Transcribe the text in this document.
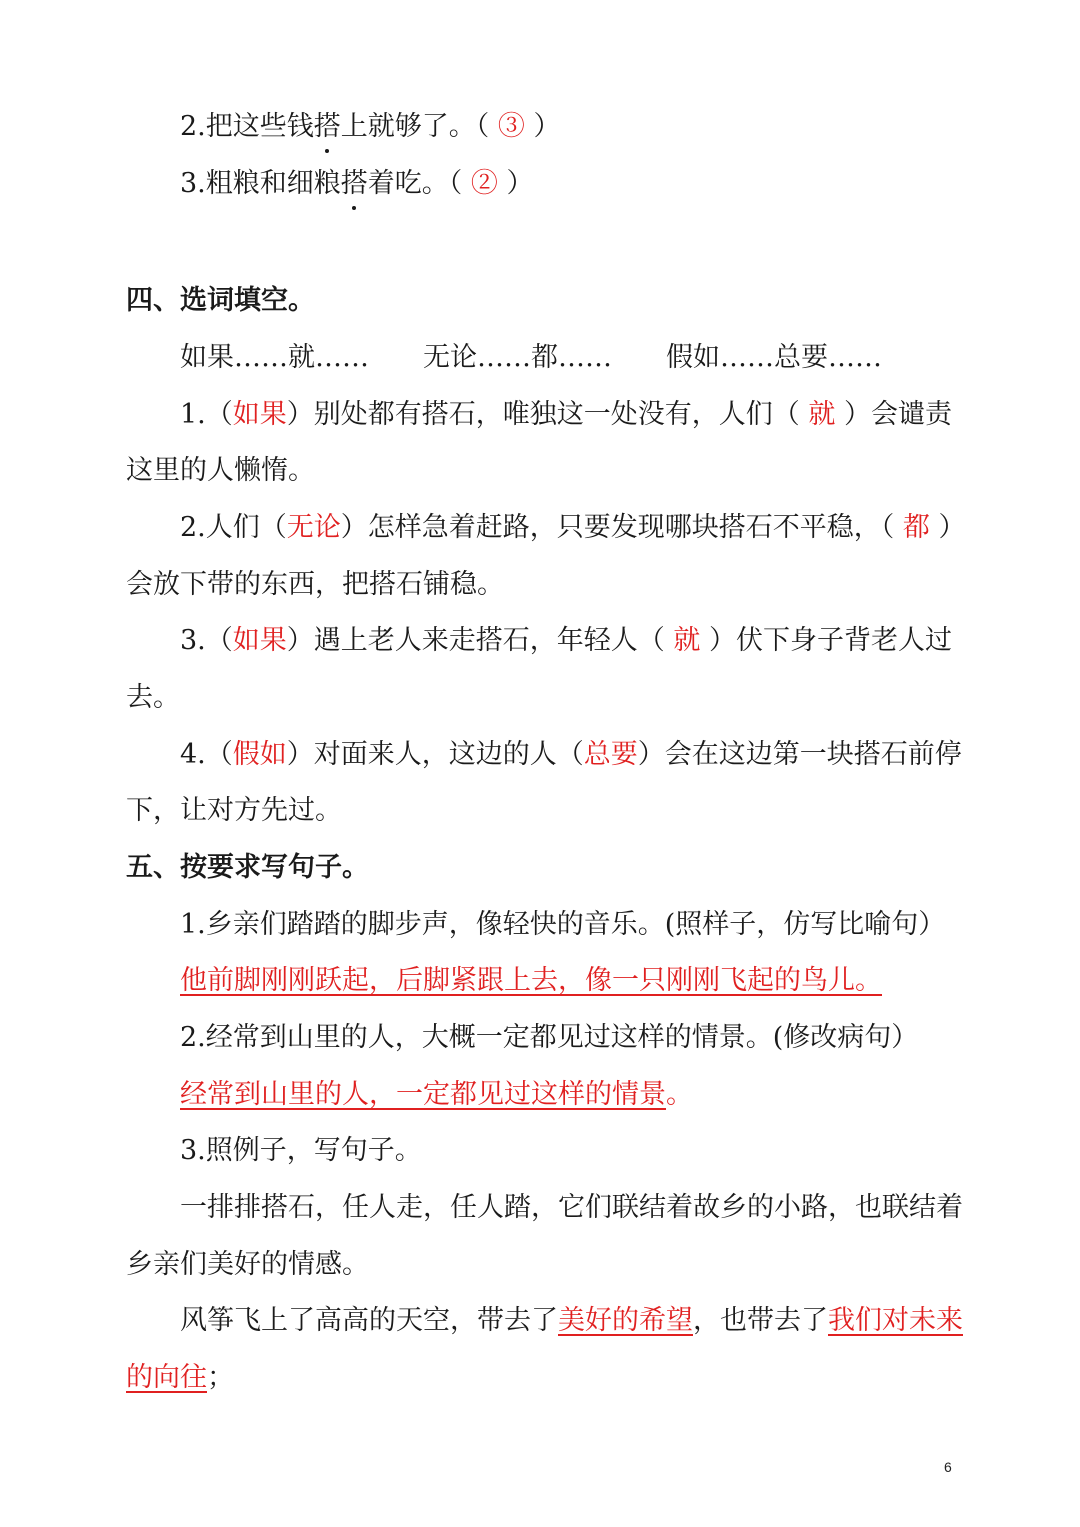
2.把这些钱搭上就够了。（ ③ ）
3.粗粮和细粮搭着吃。（ ② ）
四、选词填空。
如果……就…… 无论……都…… 假如……总要……
1.（如果）别处都有搭石，唯独这一处没有，人们（ 就 ）会谴责
这里的人懒惰。
2.人们（无论）怎样急着赶路，只要发现哪块搭石不平稳，（ 都 ）
会放下带的东西，把搭石铺稳。
3.（如果）遇上老人来走搭石，年轻人（ 就 ）伏下身子背老人过
去。
4.（假如）对面来人，这边的人（总要）会在这边第一块搭石前停
下，让对方先过。
五、按要求写句子。
1.乡亲们踏踏的脚步声，像轻快的音乐。(照样子，仿写比喻句）
他前脚刚刚跃起，后脚紧跟上去，像一只刚刚飞起的鸟儿。
2.经常到山里的人，大概一定都见过这样的情景。(修改病句）
经常到山里的人，一定都见过这样的情景。
3.照例子，写句子。
一排排搭石，任人走，任人踏，它们联结着故乡的小路，也联结着
乡亲们美好的情感。
风筝飞上了高高的天空，带去了美好的希望，也带去了我们对未来
的向往；
6
